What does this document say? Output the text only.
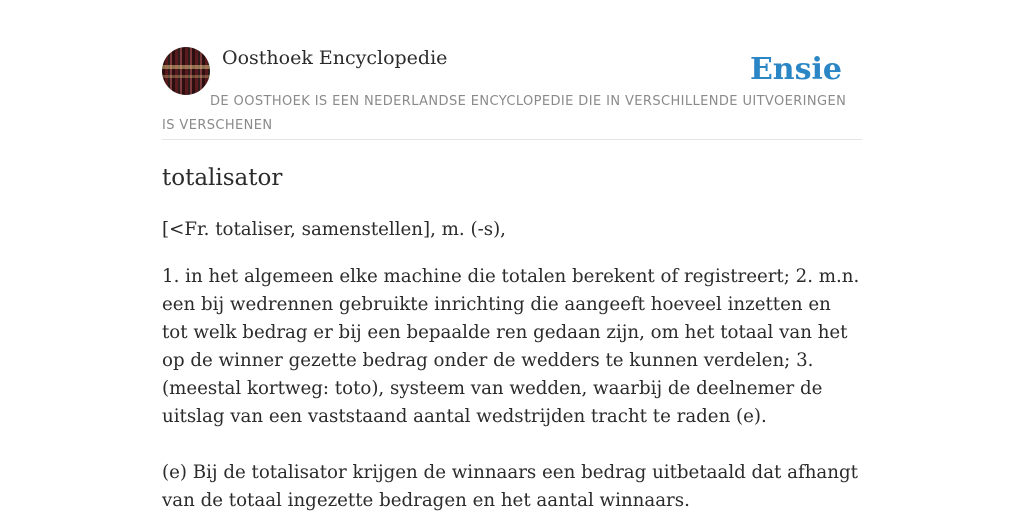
Oosthoek Encyclopedie	Ensie
DE OOSTHOEK IS EEN NEDERLANDSE ENCYCLOPEDIE DIE IN VERSCHILLENDE UITVOERINGEN IS VERSCHENEN
totalisator

[<Fr. totaliser, samenstellen], m. (-s),

1. in het algemeen elke machine die totalen berekent of registreert; 2. m.n. een bij wedrennen gebruikte inrichting die aangeeft hoeveel inzetten en tot welk bedrag er bij een bepaalde ren gedaan zijn, om het totaal van het op de winner gezette bedrag onder de wedders te kunnen verdelen; 3. (meestal kortweg: toto), systeem van wedden, waarbij de deelnemer de uitslag van een vaststaand aantal wedstrijden tracht te raden (e).

(e) Bij de totalisator krijgen de winnaars een bedrag uitbetaald dat afhangt van de totaal ingezette bedragen en het aantal winnaars.
